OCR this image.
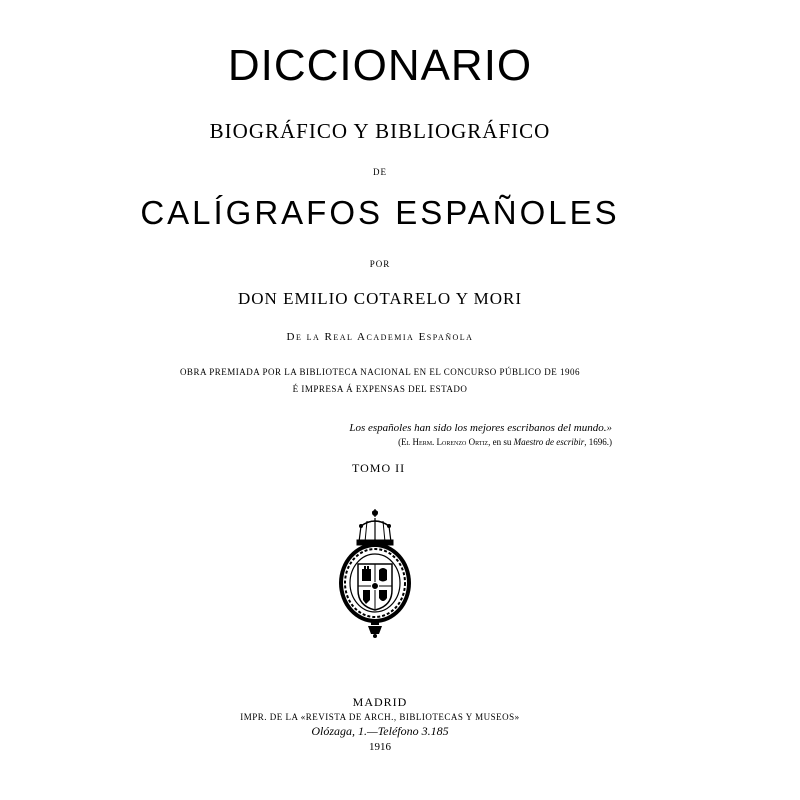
DICCIONARIO
BIOGRÁFICO Y BIBLIOGRÁFICO
DE
CALÍGRAFOS ESPAÑOLES
POR
DON EMILIO COTARELO Y MORI
De la Real Academia Española
OBRA PREMIADA POR LA BIBLIOTECA NACIONAL EN EL CONCURSO PÚBLICO DE 1906
É IMPRESA Á EXPENSAS DEL ESTADO
Los españoles han sido los mejores escribanos del mundo.»
(El Herm. Lorenzo Ortiz, en su Maestro de escribir, 1696.)
TOMO II
MADRID
IMPR. DE LA «REVISTA DE ARCH., BIBLIOTECAS Y MUSEOS»
Olózaga, 1.—Teléfono 3.185
1916
